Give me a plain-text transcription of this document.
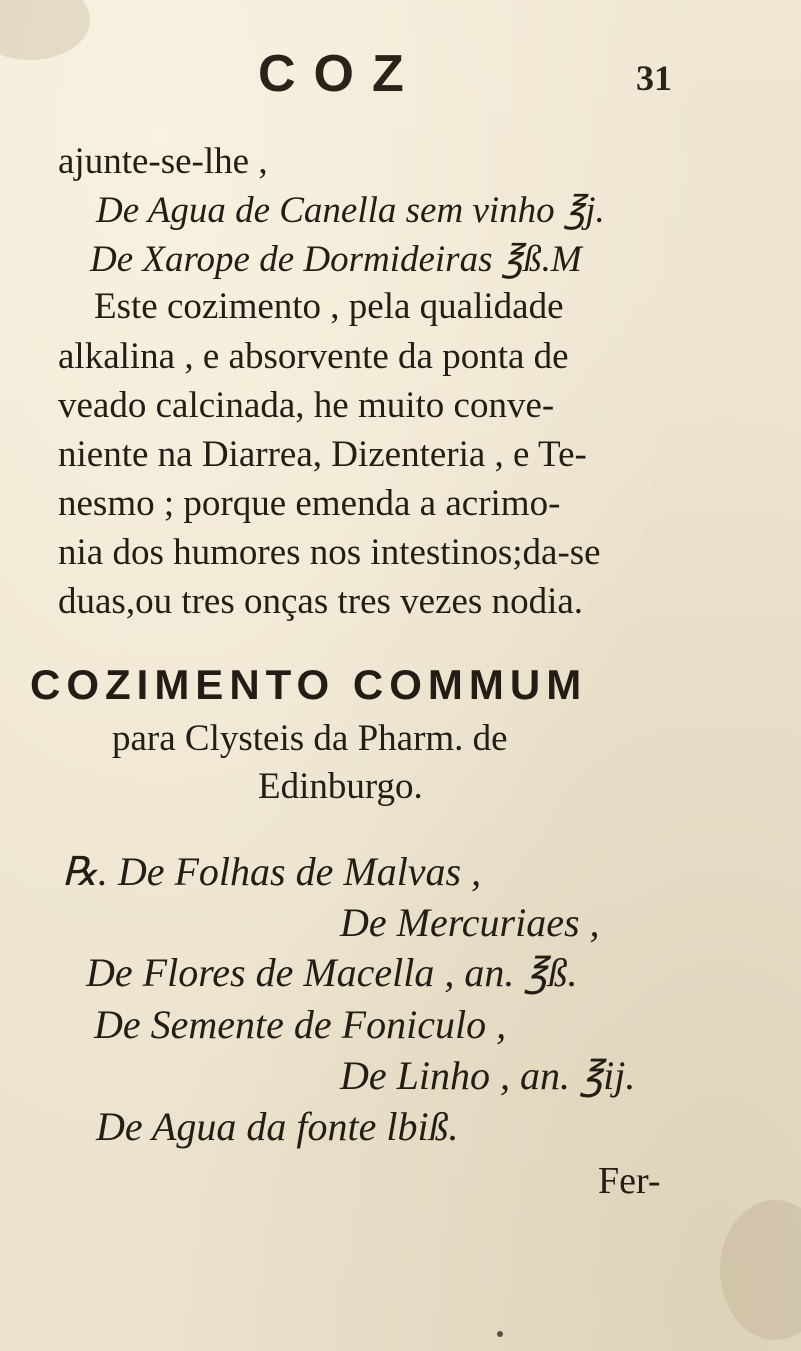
COZ	31
ajunte-se-lhe ,
De Agua de Canella sem vinho ℥j.
De Xarope de Dormideiras ℥ß.M
Este cozimento , pela qualidade
alkalina , e absorvente da ponta de
veado calcinada, he muito conve-
niente na Diarrea, Dizenteria , e Te-
nesmo ; porque emenda a acrimo-
nia dos humores nos intestinos;da-se
duas,ou tres onças tres vezes nodia.
COZIMENTO COMMUM
para Clysteis da Pharm. de
Edinburgo.
℞. De Folhas de Malvas ,
De Mercuriaes ,
De Flores de Macella , an. ℥ß.
De Semente de Foniculo ,
De Linho , an. ℥ij.
De Agua da fonte lbiß.
Fer-
